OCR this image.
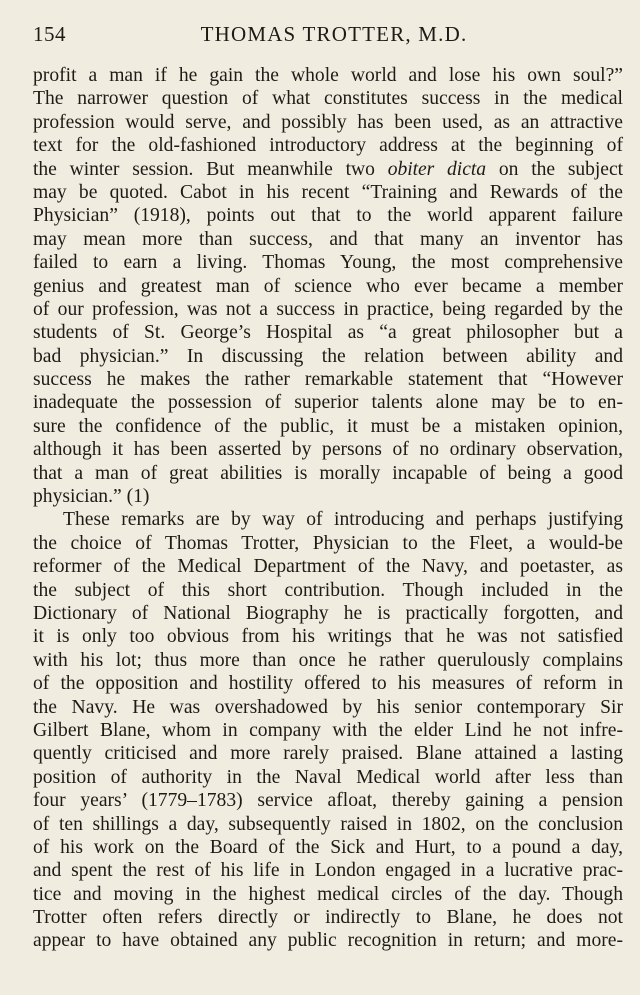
154	THOMAS TROTTER, M.D.
profit a man if he gain the whole world and lose his own soul?”
The narrower question of what constitutes success in the medical
profession would serve, and possibly has been used, as an attractive
text for the old-fashioned introductory address at the beginning of
the winter session. But meanwhile two obiter dicta on the subject
may be quoted. Cabot in his recent “Training and Rewards of the
Physician” (1918), points out that to the world apparent failure
may mean more than success, and that many an inventor has
failed to earn a living. Thomas Young, the most comprehensive
genius and greatest man of science who ever became a member
of our profession, was not a success in practice, being regarded by the
students of St. George’s Hospital as “a great philosopher but a
bad physician.” In discussing the relation between ability and
success he makes the rather remarkable statement that “However
inadequate the possession of superior talents alone may be to en-
sure the confidence of the public, it must be a mistaken opinion,
although it has been asserted by persons of no ordinary observation,
that a man of great abilities is morally incapable of being a good
physician.” (1)
These remarks are by way of introducing and perhaps justifying
the choice of Thomas Trotter, Physician to the Fleet, a would-be
reformer of the Medical Department of the Navy, and poetaster, as
the subject of this short contribution. Though included in the
Dictionary of National Biography he is practically forgotten, and
it is only too obvious from his writings that he was not satisfied
with his lot; thus more than once he rather querulously complains
of the opposition and hostility offered to his measures of reform in
the Navy. He was overshadowed by his senior contemporary Sir
Gilbert Blane, whom in company with the elder Lind he not infre-
quently criticised and more rarely praised. Blane attained a lasting
position of authority in the Naval Medical world after less than
four years’ (1779–1783) service afloat, thereby gaining a pension
of ten shillings a day, subsequently raised in 1802, on the conclusion
of his work on the Board of the Sick and Hurt, to a pound a day,
and spent the rest of his life in London engaged in a lucrative prac-
tice and moving in the highest medical circles of the day. Though
Trotter often refers directly or indirectly to Blane, he does not
appear to have obtained any public recognition in return; and more-
